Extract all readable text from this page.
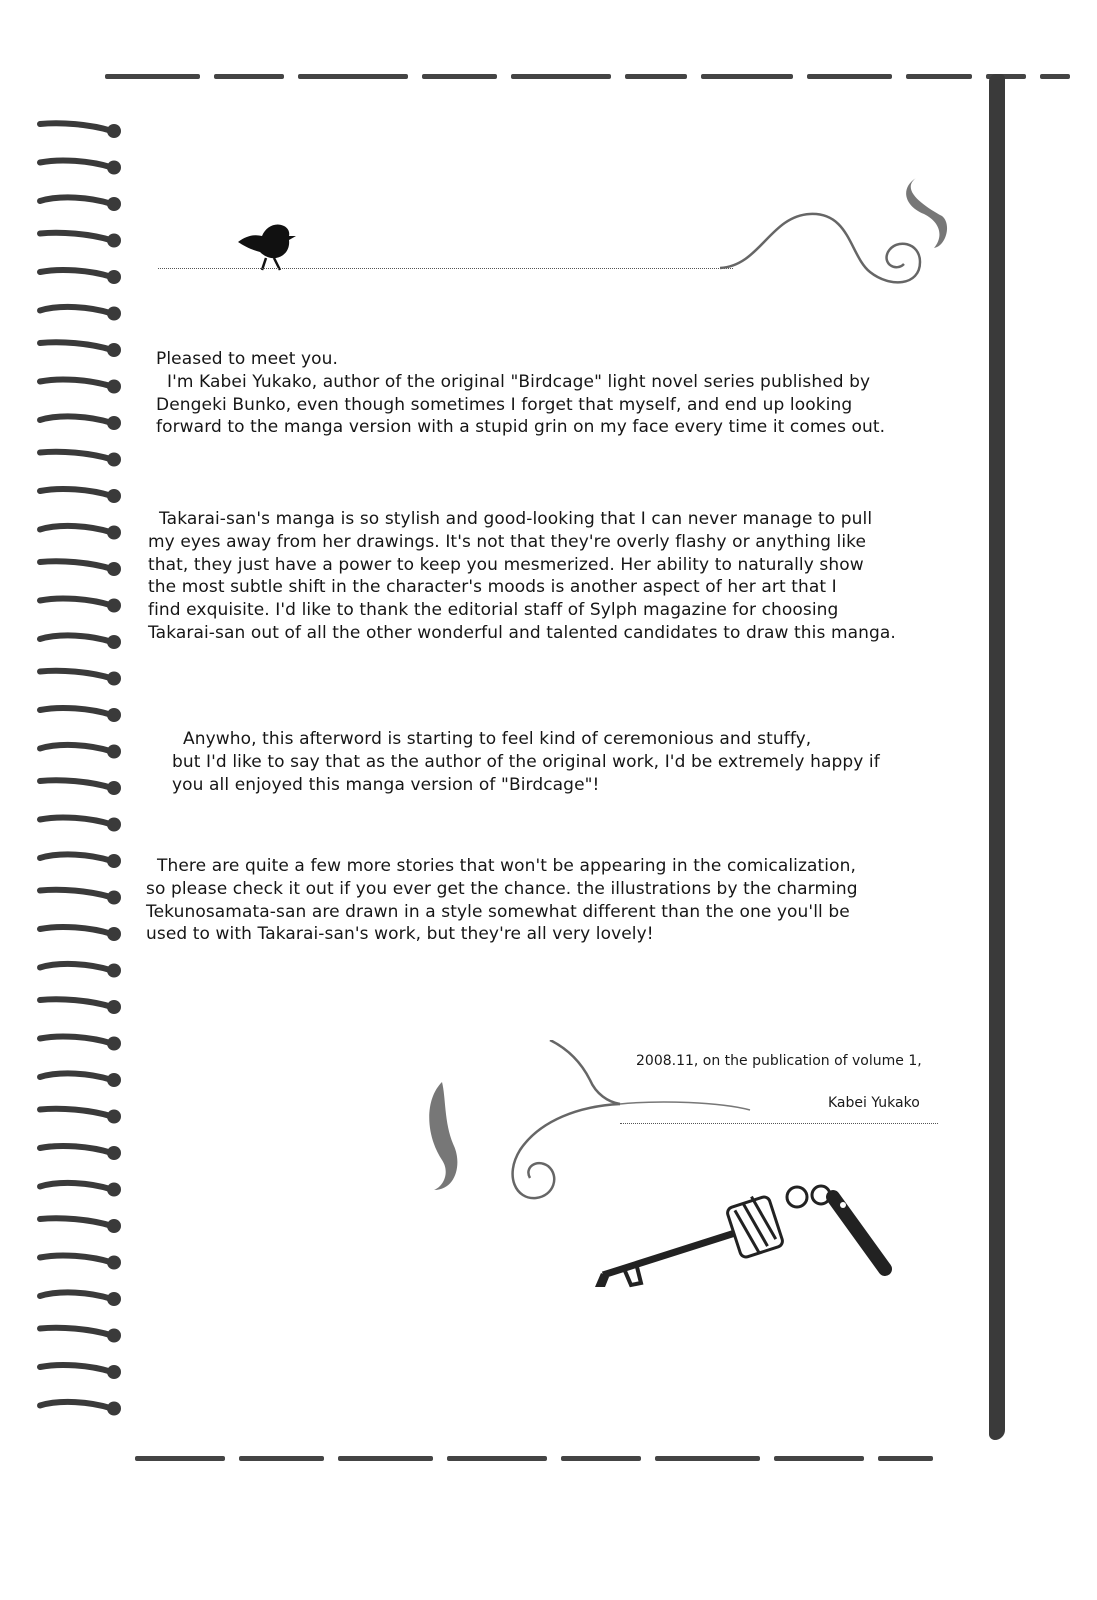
Pleased to meet you.
I'm Kabei Yukako, author of the original "Birdcage" light novel series published by
Dengeki Bunko, even though sometimes I forget that myself, and end up looking
forward to the manga version with a stupid grin on my face every time it comes out.
Takarai-san's manga is so stylish and good-looking that I can never manage to pull
my eyes away from her drawings. It's not that they're overly flashy or anything like
that, they just have a power to keep you mesmerized. Her ability to naturally show
the most subtle shift in the character's moods is another aspect of her art that I
find exquisite. I'd like to thank the editorial staff of Sylph magazine for choosing
Takarai-san out of all the other wonderful and talented candidates to draw this manga.
Anywho, this afterword is starting to feel kind of ceremonious and stuffy,
but I'd like to say that as the author of the original work, I'd be extremely happy if
you all enjoyed this manga version of "Birdcage"!
There are quite a few more stories that won't be appearing in the comicalization,
so please check it out if you ever get the chance. the illustrations by the charming
Tekunosamata-san are drawn in a style somewhat different than the one you'll be
used to with Takarai-san's work, but they're all very lovely!
2008.11, on the publication of volume 1,
Kabei Yukako
